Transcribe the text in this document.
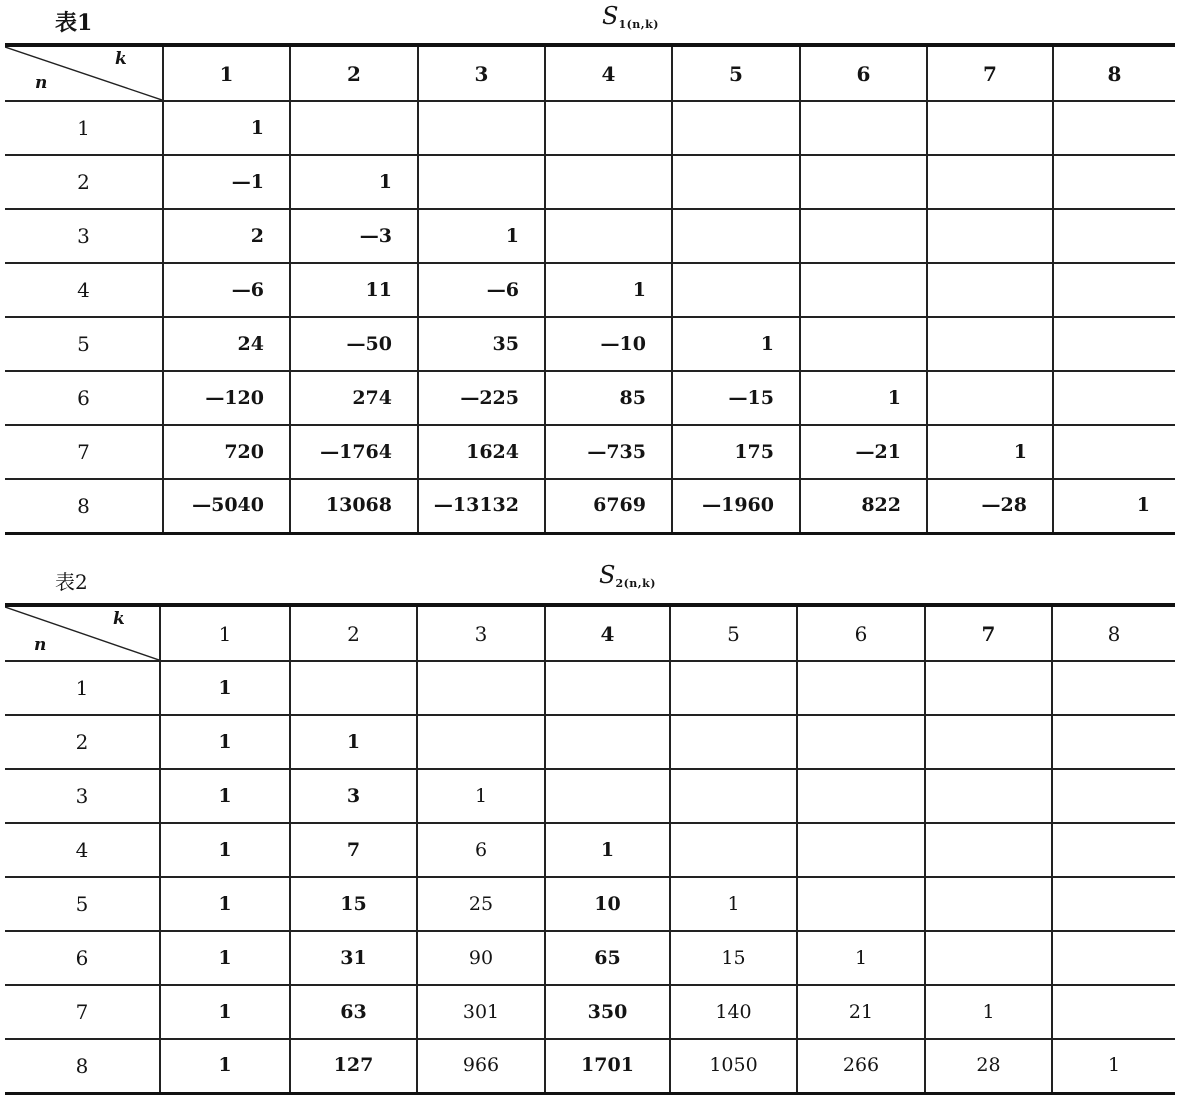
表1	$S_{1(n,k)}$
k
n	1	2	3	4	5	6	7	8
1	1							
2	—1	1						
3	2	—3	1					
4	—6	11	—6	1				
5	24	—50	35	—10	1			
6	—120	274	—225	85	—15	1		
7	720	—1764	1624	—735	175	—21	1	
8	—5040	13068	—13132	6769	—1960	822	—28	1
表2	$S_{2(n,k)}$
k
n	1	2	3	4	5	6	7	8
1	1							
2	1	1						
3	1	3	1					
4	1	7	6	1				
5	1	15	25	10	1			
6	1	31	90	65	15	1		
7	1	63	301	350	140	21	1	
8	1	127	966	1701	1050	266	28	1
